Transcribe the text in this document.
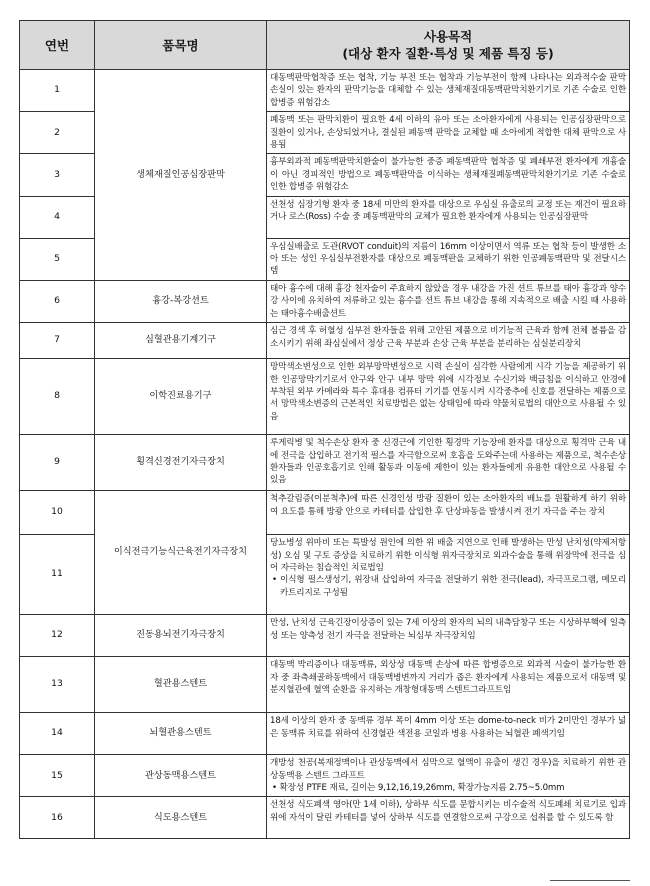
연번	품목명	사용목적
(대상 환자 질환·특성 및 제품 특징 등)

1	생체재질인공심장판막	대동맥판막협착증 또는 협착, 기능 부전 또는 협착과 기능부전이 함께 나타나는 외과적수술 판막손실이 있는 환자의 판막기능을 대체할 수 있는 생체재질대동맥판막치환기기로 기존 수술로 인한 합병증 위험감소

2		폐동맥 또는 판막치환이 필요한 4세 이하의 유아 또는 소아환자에게 사용되는 인공심장판막으로 질환이 있거나, 손상되었거나, 결실된 폐동맥 판막을 교체할 때 소아에게 적합한 대체 판막으로 사용됨

3		흉부외과적 폐동맥판막치환술이 불가능한 중증 폐동맥판막 협착증 및 폐쇄부전 환자에게 개흉술이 아닌 경피적인 방법으로 폐동맥판막을 이식하는 생체재질폐동맥판막치환기기로 기존 수술로 인한 합병증 위험감소

4		선천성 심장기형 환자 중 18세 미만의 환자를 대상으로 우심실 유출로의 교정 또는 재건이 필요하거나 로스(Ross) 수술 중 폐동맥판막의 교체가 필요한 환자에게 사용되는 인공심장판막

5		우심실배출로 도관(RVOT conduit)의 지름이 16mm 이상이면서 역류 또는 협착 등이 발생한 소아 또는 성인 우심실부전환자를 대상으로 폐동맥판을 교체하기 위한 인공폐동맥판막 및 전달시스템

6	흉강-복강션트	태아 흉수에 대해 흉강 천자술이 주효하지 않았을 경우 내강을 가진 션트 튜브를 태아 흉강과 양수강 사이에 유치하여 저류하고 있는 흉수를 션트 튜브 내강을 통해 지속적으로 배출 시킬 때 사용하는 태아흉수배출션트

7	심혈관용기계기구	심근 경색 후 허혈성 심부전 환자들을 위해 고안된 제품으로 비기능적 근육과 함께 전체 볼륨을 감소시키기 위해 좌심실에서 정상 근육 부분과 손상 근육 부분을 분리하는 심실분리장치

8	이학진료용기구	망막색소변성으로 인한 외부망막변성으로 시력 손실이 심각한 사람에게 시각 기능을 제공하기 위한 인공망막기기로서 안구와 안구 내부 망막 위에 시각정보 수신기와 백금침을 이식하고 안경에 부착된 외부 카메라와 특수 휴대용 컴퓨터 기기를 연동시켜 시각중추에 신호를 전달하는 제품으로서 망막색소변증의 근본적인 치료방법은 없는 상태임에 따라 약물치료법의 대안으로 사용될 수 있음

9	횡격신경전기자극장치	루게릭병 및 척수손상 환자 중 신경근에 기인한 횡경막 기능장애 환자를 대상으로 횡격막 근육 내에 전극을 삽입하고 전기적 펄스를 자극함으로써 호흡을 도와주는데 사용하는 제품으로, 척수손상 환자들과 인공호흡기로 인해 활동과 이동에 제한이 있는 환자들에게 유용한 대안으로 사용될 수 있음

10	이식전극기능식근육전기자극장치	척추갈림증(이분척추)에 따른 신경인성 방광 질환이 있는 소아환자의 배뇨를 원활하게 하기 위하여 요도를 통해 방광 안으로 카테터를 삽입한 후 단상파동을 발생시켜 전기 자극을 주는 장치

11		당뇨병성 위마비 또는 특발성 원인에 의한 위 배출 지연으로 인해 발생하는 만성 난치성(약제저항성) 오심 및 구토 증상을 치료하기 위한 이식형 위자극장치로 외과수술을 통해 위장막에 전극을 심어 자극하는 침습적인 치료법임
• 이식형 펄스생성기, 위장내 삽입하여 자극을 전달하기 위한 전극(lead), 자극프로그램, 메모리 카트리지로 구성됨

12	진동용뇌전기자극장치	만성, 난치성 근육긴장이상증이 있는 7세 이상의 환자의 뇌의 내측담창구 또는 시상하부핵에 일측성 또는 양측성 전기 자극을 전달하는 뇌심부 자극장치임

13	혈관용스텐트	대동맥 박리증이나 대동맥류, 외상성 대동맥 손상에 따른 합병증으로 외과적 시술이 불가능한 환자 중 좌측쇄골하동맥에서 대동맥병변까지 거리가 좁은 환자에게 사용되는 제품으로서 대동맥 및 분지혈관에 혈액 순환을 유지하는 개창형대동맥 스텐트그라프트임

14	뇌혈관용스텐트	18세 이상의 환자 중 동맥류 경부 폭이 4mm 이상 또는 dome-to-neck 비가 2미만인 경부가 넓은 동맥류 치료를 위하여 신경혈관 색전용 코일과 병용 사용하는 뇌혈관 폐색기임

15	관상동맥용스텐트	개방성 천공(복재정맥이나 관상동맥에서 심막으로 혈액이 유출이 생긴 경우)을 치료하기 위한 관상동맥용 스텐트 그라프트
• 확장성 PTFE 재료, 길이는 9,12,16,19,26mm, 확장가능지름 2.75~5.0mm

16	식도용스텐트	선천성 식도폐색 영아(만 1세 이하), 상하부 식도를 문합시키는 비수술적 식도폐쇄 치료기로 입과 위에 자석이 달린 카테터를 넣어 상하부 식도를 연결함으로써 구강으로 섭취를 할 수 있도록 함
